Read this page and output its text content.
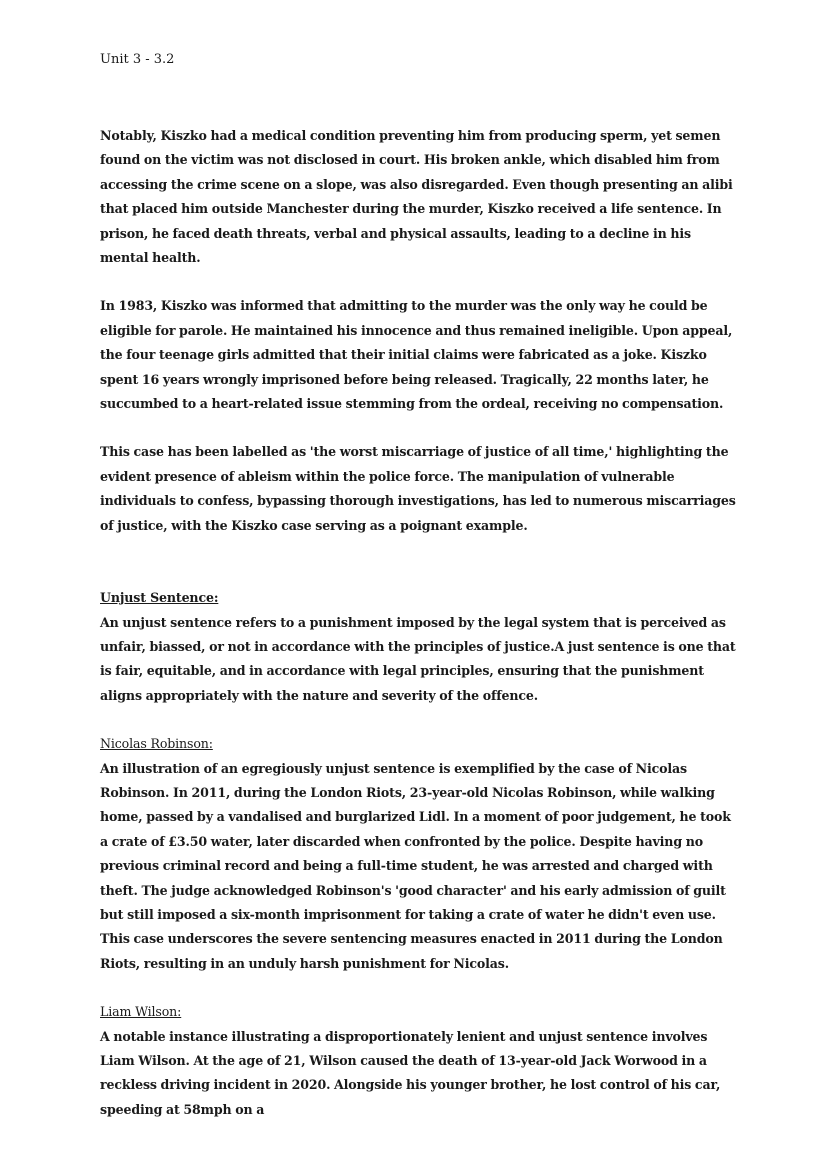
Unit 3 - 3.2

Notably, Kiszko had a medical condition preventing him from producing sperm, yet semen found on the victim was not disclosed in court. His broken ankle, which disabled him from accessing the crime scene on a slope, was also disregarded. Even though presenting an alibi that placed him outside Manchester during the murder, Kiszko received a life sentence. In prison, he faced death threats, verbal and physical assaults, leading to a decline in his mental health.

In 1983, Kiszko was informed that admitting to the murder was the only way he could be eligible for parole. He maintained his innocence and thus remained ineligible. Upon appeal, the four teenage girls admitted that their initial claims were fabricated as a joke. Kiszko spent 16 years wrongly imprisoned before being released. Tragically, 22 months later, he succumbed to a heart-related issue stemming from the ordeal, receiving no compensation.

This case has been labelled as 'the worst miscarriage of justice of all time,' highlighting the evident presence of ableism within the police force. The manipulation of vulnerable individuals to confess, bypassing thorough investigations, has led to numerous miscarriages of justice, with the Kiszko case serving as a poignant example.

Unjust Sentence:

An unjust sentence refers to a punishment imposed by the legal system that is perceived as unfair, biassed, or not in accordance with the principles of justice.A just sentence is one that is fair, equitable, and in accordance with legal principles, ensuring that the punishment aligns appropriately with the nature and severity of the offence.

Nicolas Robinson:

An illustration of an egregiously unjust sentence is exemplified by the case of Nicolas Robinson. In 2011, during the London Riots, 23-year-old Nicolas Robinson, while walking home, passed by a vandalised and burglarized Lidl. In a moment of poor judgement, he took a crate of £3.50 water, later discarded when confronted by the police. Despite having no previous criminal record and being a full-time student, he was arrested and charged with theft. The judge acknowledged Robinson's 'good character' and his early admission of guilt but still imposed a six-month imprisonment for taking a crate of water he didn't even use. This case underscores the severe sentencing measures enacted in 2011 during the London Riots, resulting in an unduly harsh punishment for Nicolas.

Liam Wilson:

A notable instance illustrating a disproportionately lenient and unjust sentence involves Liam Wilson. At the age of 21, Wilson caused the death of 13-year-old Jack Worwood in a reckless driving incident in 2020. Alongside his younger brother, he lost control of his car, speeding at 58mph on a
